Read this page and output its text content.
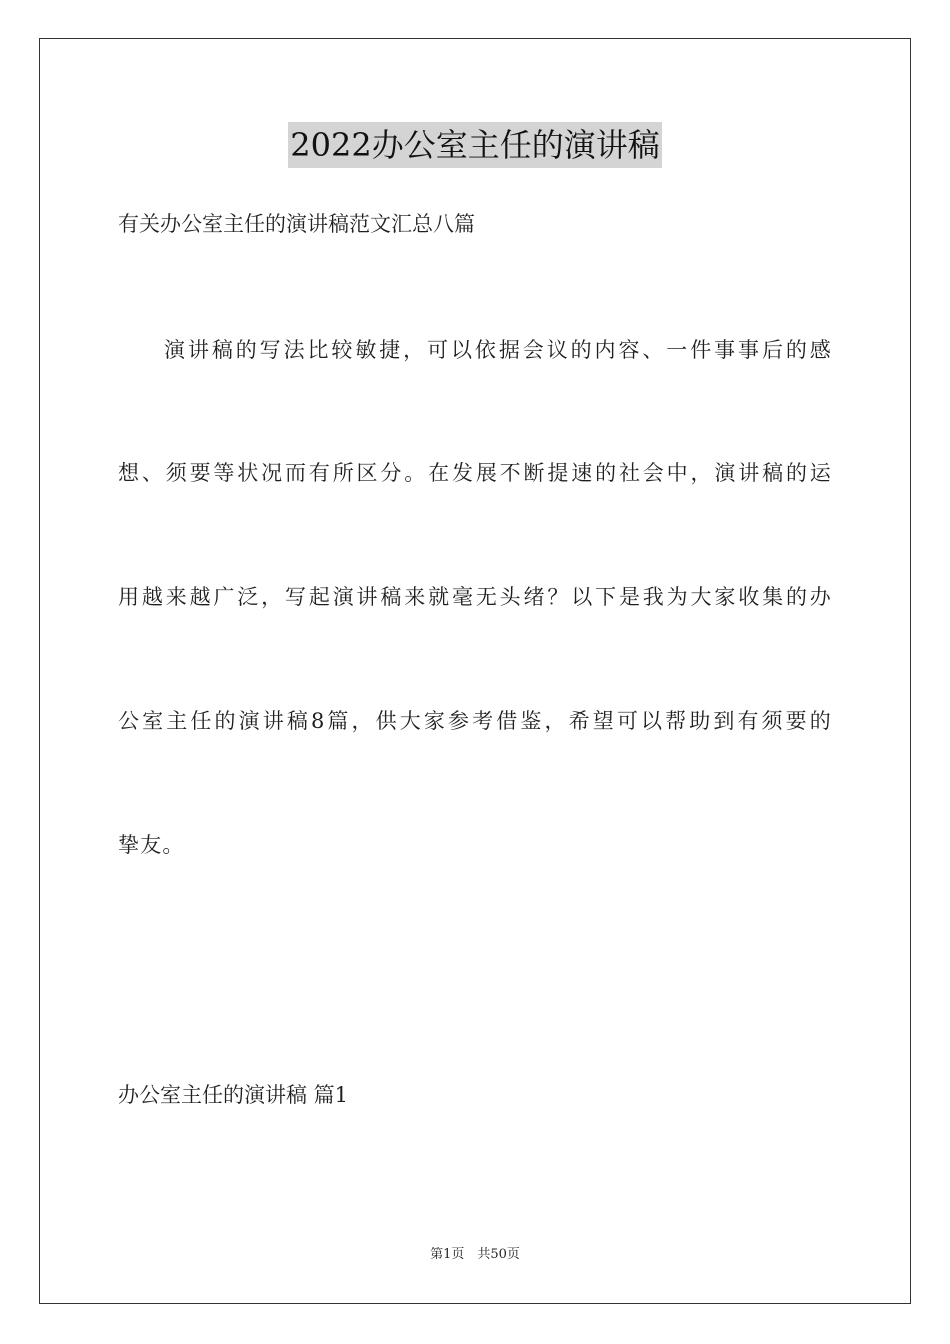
2022办公室主任的演讲稿
有关办公室主任的演讲稿范文汇总八篇
演讲稿的写法比较敏捷，可以依据会议的内容、一件事事后的感
想、须要等状况而有所区分。在发展不断提速的社会中，演讲稿的运
用越来越广泛，写起演讲稿来就毫无头绪？以下是我为大家收集的办
公室主任的演讲稿8篇，供大家参考借鉴，希望可以帮助到有须要的
挚友。
办公室主任的演讲稿 篇1
第1页　共50页
